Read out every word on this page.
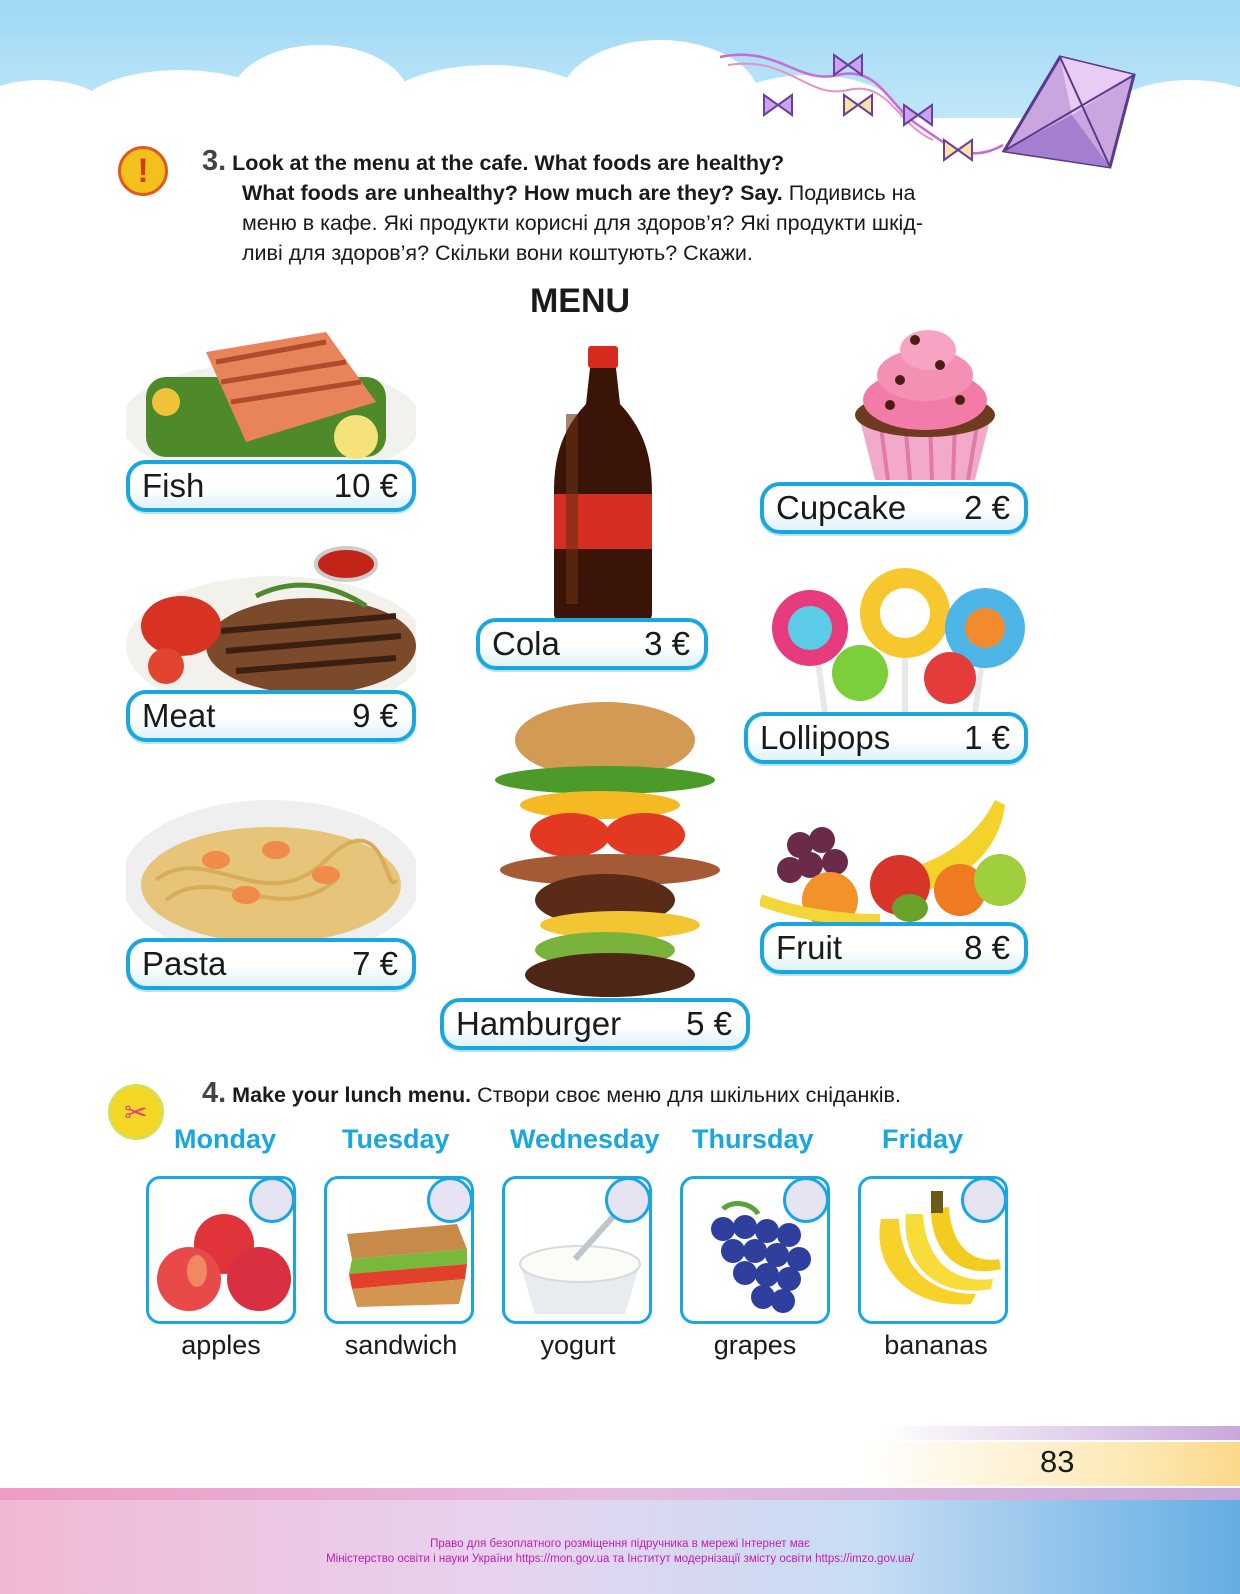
!	3. Look at the menu at the cafe. What foods are healthy?
What foods are unhealthy? How much are they? Say. Подивись на
меню в кафе. Які продукти корисні для здоров’я? Які продукти шкід-
ливі для здоров’я? Скільки вони коштують? Скажи.
MENU
Fish	10 €
Meat	9 €
Pasta	7 €
Cola	3 €
Hamburger 5 €
Cupcake 2 €
Lollipops 1 €
Fruit	8 €
✂
4. Make your lunch menu. Створи своє меню для шкільних сніданків.
Monday Tuesday Wednesday Thursday	Friday
apples	sandwich	yogurt	grapes	bananas
83
Право для безоплатного розміщення підручника в мережі Інтернет має
Міністерство освіти і науки України https://mon.gov.ua та Інститут модернізації змісту освіти https://imzo.gov.ua/
